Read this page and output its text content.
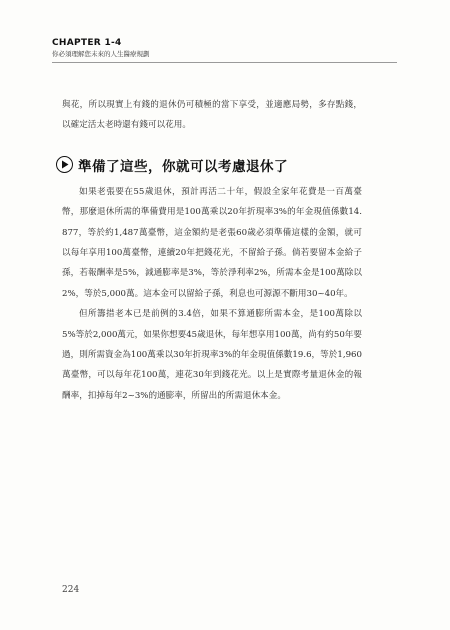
CHAPTER 1-4
你必須理解您未來的人生醫療規劃

與花，所以現實上有錢的退休仍可積極的當下享受，並適應局勢，多存點錢，以確定活太老時還有錢可以花用。

準備了這些，你就可以考慮退休了

如果老張要在55歲退休，預計再活二十年，假設全家年花費是一百萬臺幣，那麼退休所需的準備費用是100萬乘以20年折現率3%的年金現值係數14.877，等於約1,487萬臺幣，這金額約是老張60歲必須準備這樣的金額，就可以每年享用100萬臺幣，連續20年把錢花光，不留給子孫。倘若要留本金給子孫，若報酬率是5%，減通膨率是3%，等於淨利率2%，所需本金是100萬除以2%，等於5,000萬。這本金可以留給子孫，利息也可源源不斷用30~40年。

但所籌措老本已是前例的3.4倍，如果不算通膨所需本金，是100萬除以5%等於2,000萬元，如果你想要45歲退休，每年想享用100萬，尚有約50年要過，則所需資金為100萬乘以30年折現率3%的年金現值係數19.6，等於1,960萬臺幣，可以每年花100萬，連花30年到錢花光。以上是實際考量退休金的報酬率，扣掉每年2~3%的通膨率，所留出的所需退休本金。

224
